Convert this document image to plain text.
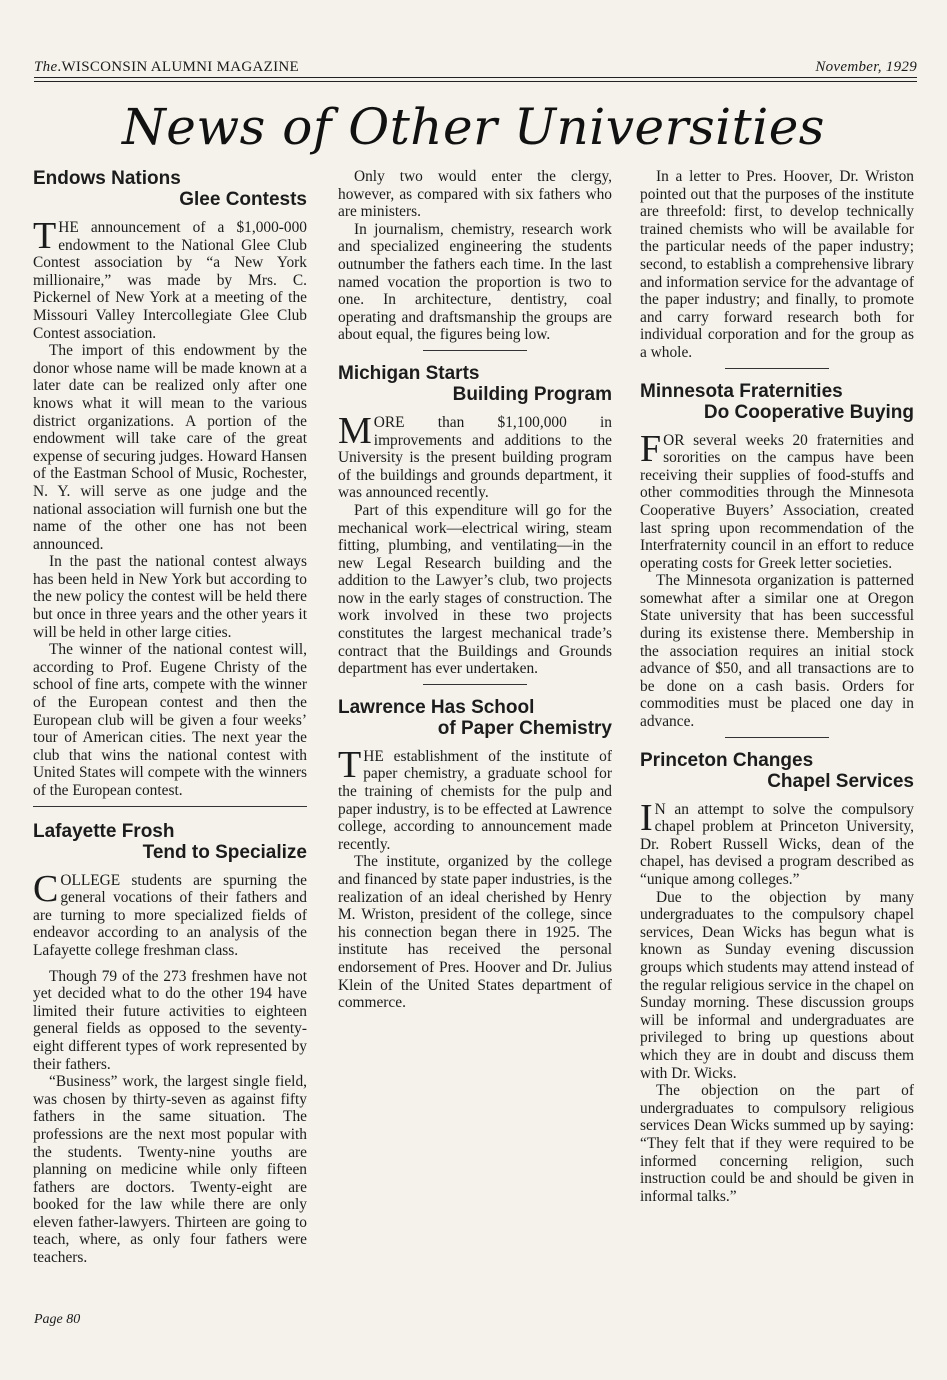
The.WISCONSIN ALUMNI MAGAZINE	November, 1929
News of Other Universities
Endows Nations
Glee Contests

THE announcement of a $1,000-000 endowment to the National Glee Club Contest association by “a New York millionaire,” was made by Mrs. C. Pickernel of New York at a meeting of the Missouri Valley Intercollegiate Glee Club Contest association.

The import of this endowment by the donor whose name will be made known at a later date can be realized only after one knows what it will mean to the various district organizations. A portion of the endowment will take care of the great expense of securing judges. Howard Hansen of the Eastman School of Music, Rochester, N. Y. will serve as one judge and the national association will furnish one but the name of the other one has not been announced.

In the past the national contest always has been held in New York but according to the new policy the contest will be held there but once in three years and the other years it will be held in other large cities.

The winner of the national contest will, according to Prof. Eugene Christy of the school of fine arts, compete with the winner of the European contest and then the European club will be given a four weeks’ tour of American cities. The next year the club that wins the national contest with United States will compete with the winners of the European contest.

Lafayette Frosh
Tend to Specialize

COLLEGE students are spurning the general vocations of their fathers and are turning to more specialized fields of endeavor according to an analysis of the Lafayette college freshman class.

Though 79 of the 273 freshmen have not yet decided what to do the other 194 have limited their future activities to eighteen general fields as opposed to the seventy-eight different types of work represented by their fathers.

“Business” work, the largest single field, was chosen by thirty-seven as against fifty fathers in the same situation. The professions are the next most popular with the students. Twenty-nine youths are planning on medicine while only fifteen fathers are doctors. Twenty-eight are booked for the law while there are only eleven father-lawyers. Thirteen are going to teach, where, as only four fathers were teachers.

Only two would enter the clergy, however, as compared with six fathers who are ministers.

In journalism, chemistry, research work and specialized engineering the students outnumber the fathers each time. In the last named vocation the proportion is two to one. In architecture, dentistry, coal operating and draftsmanship the groups are about equal, the figures being low.

Michigan Starts
Building Program

MORE than $1,100,000 in improvements and additions to the University is the present building program of the buildings and grounds department, it was announced recently.

Part of this expenditure will go for the mechanical work—electrical wiring, steam fitting, plumbing, and ventilating—in the new Legal Research building and the addition to the Lawyer’s club, two projects now in the early stages of construction. The work involved in these two projects constitutes the largest mechanical trade’s contract that the Buildings and Grounds department has ever undertaken.

Lawrence Has School
of Paper Chemistry

THE establishment of the institute of paper chemistry, a graduate school for the training of chemists for the pulp and paper industry, is to be effected at Lawrence college, according to announcement made recently.

The institute, organized by the college and financed by state paper industries, is the realization of an ideal cherished by Henry M. Wriston, president of the college, since his connection began there in 1925. The institute has received the personal endorsement of Pres. Hoover and Dr. Julius Klein of the United States department of commerce.

In a letter to Pres. Hoover, Dr. Wriston pointed out that the purposes of the institute are threefold: first, to develop technically trained chemists who will be available for the particular needs of the paper industry; second, to establish a comprehensive library and information service for the advantage of the paper industry; and finally, to promote and carry forward research both for individual corporation and for the group as a whole.

Minnesota Fraternities
Do Cooperative Buying

FOR several weeks 20 fraternities and sororities on the campus have been receiving their supplies of food-stuffs and other commodities through the Minnesota Cooperative Buyers’ Association, created last spring upon recommendation of the Interfraternity council in an effort to reduce operating costs for Greek letter societies.

The Minnesota organization is patterned somewhat after a similar one at Oregon State university that has been successful during its existense there. Membership in the association requires an initial stock advance of $50, and all transactions are to be done on a cash basis. Orders for commodities must be placed one day in advance.

Princeton Changes
Chapel Services

I N an attempt to solve the compulsory chapel problem at Princeton University, Dr. Robert Russell Wicks, dean of the chapel, has devised a program described as “unique among colleges.”

Due to the objection by many undergraduates to the compulsory chapel services, Dean Wicks has begun what is known as Sunday evening discussion groups which students may attend instead of the regular religious service in the chapel on Sunday morning. These discussion groups will be informal and undergraduates are privileged to bring up questions about which they are in doubt and discuss them with Dr. Wicks.

The objection on the part of undergraduates to compulsory religious services Dean Wicks summed up by saying: “They felt that if they were required to be informed concerning religion, such instruction could be and should be given in informal talks.”

Page 80
